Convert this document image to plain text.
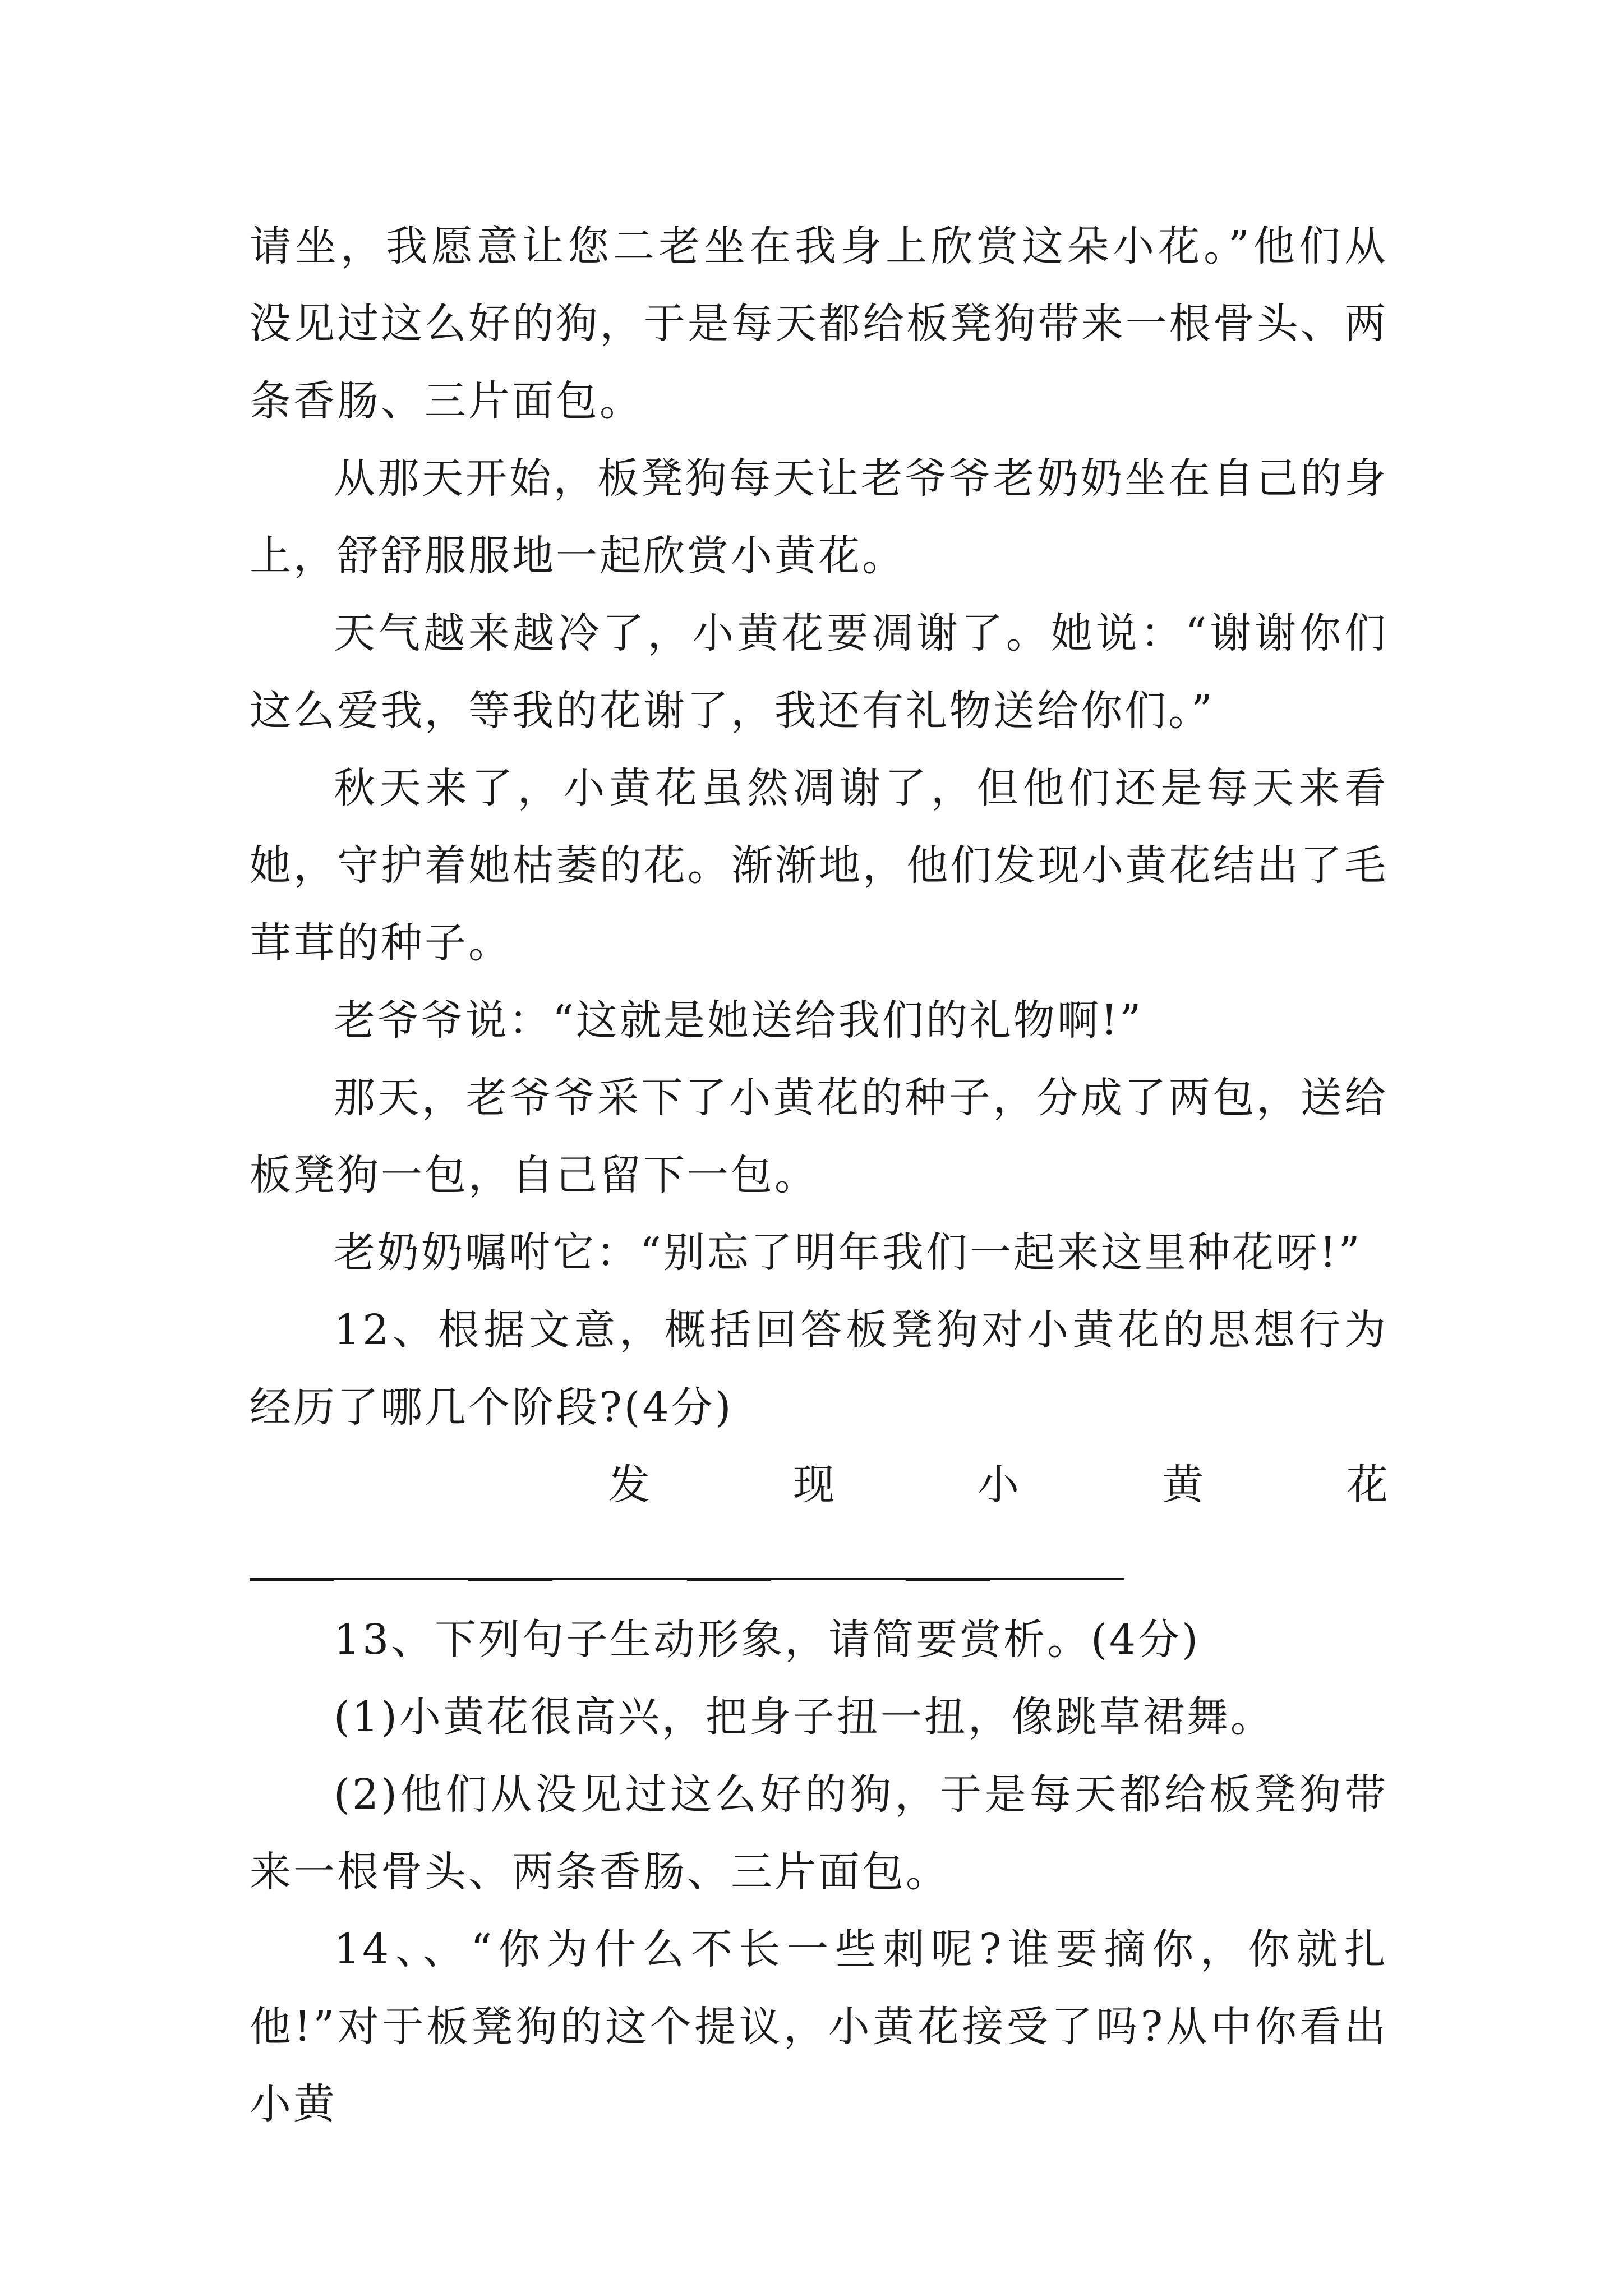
请坐，我愿意让您二老坐在我身上欣赏这朵小花。”他们从没见过这么好的狗，于是每天都给板凳狗带来一根骨头、两条香肠、三片面包。

从那天开始，板凳狗每天让老爷爷老奶奶坐在自己的身上，舒舒服服地一起欣赏小黄花。

天气越来越冷了，小黄花要凋谢了。她说：“谢谢你们这么爱我，等我的花谢了，我还有礼物送给你们。”

秋天来了，小黄花虽然凋谢了，但他们还是每天来看她，守护着她枯萎的花。渐渐地，他们发现小黄花结出了毛茸茸的种子。

老爷爷说：“这就是她送给我们的礼物啊!”

那天，老爷爷采下了小黄花的种子，分成了两包，送给板凳狗一包，自己留下一包。

老奶奶嘱咐它：“别忘了明年我们一起来这里种花呀!”

12、根据文意，概括回答板凳狗对小黄花的思想行为经历了哪几个阶段?(4分)

发	现	小	黄	花

13、下列句子生动形象，请简要赏析。(4分)

(1)小黄花很高兴，把身子扭一扭，像跳草裙舞。

(2)他们从没见过这么好的狗，于是每天都给板凳狗带来一根骨头、两条香肠、三片面包。

14、、“你为什么不长一些刺呢?谁要摘你，你就扎他!”对于板凳狗的这个提议，小黄花接受了吗?从中你看出小黄
